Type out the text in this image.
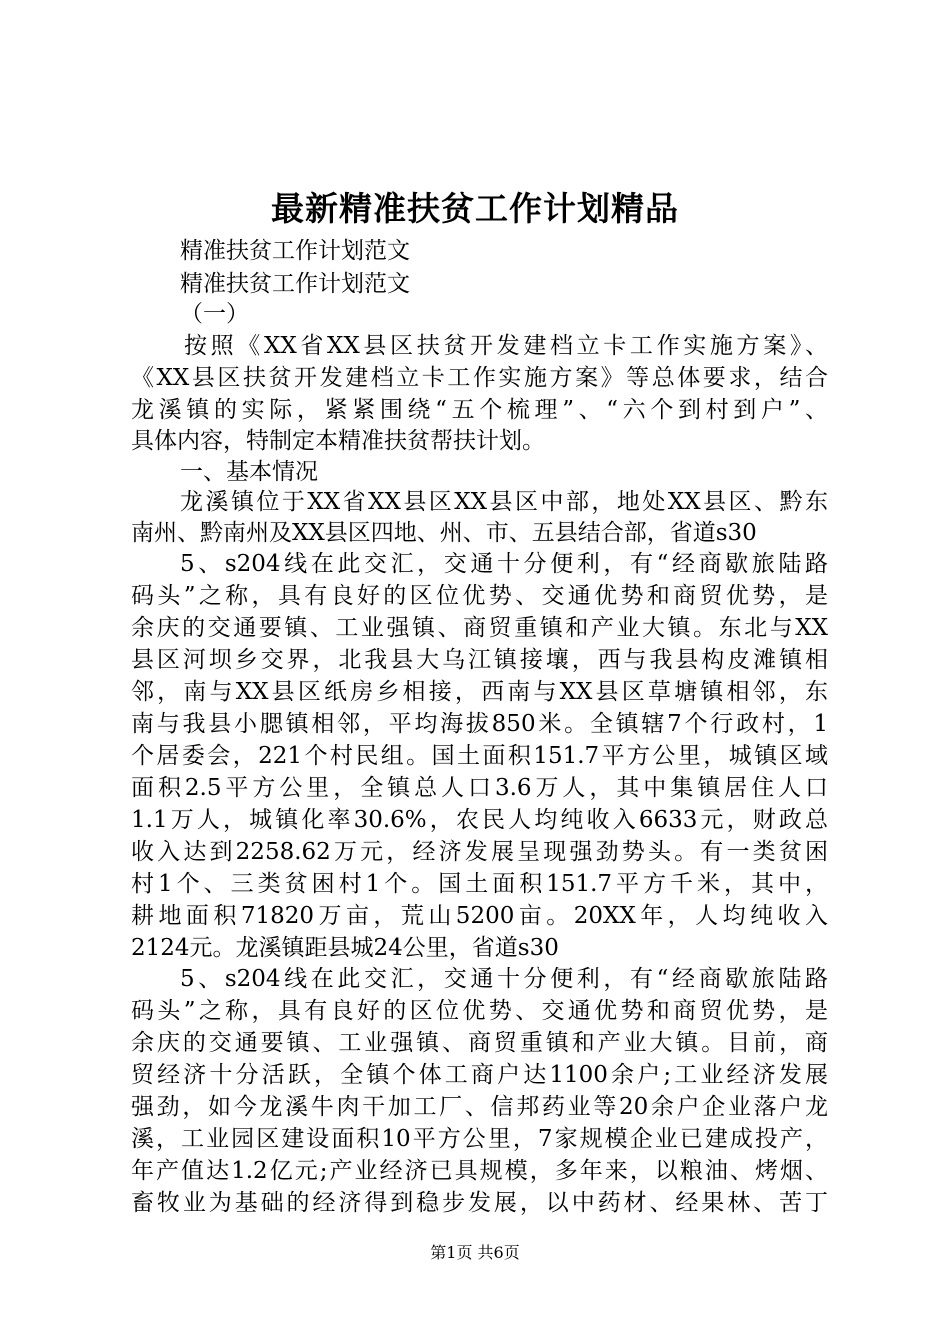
最新精准扶贫工作计划精品
精准扶贫工作计划范文
精准扶贫工作计划范文
（一）
按照《XX省XX县区扶贫开发建档立卡工作实施方案》、
《XX县区扶贫开发建档立卡工作实施方案》等总体要求，结合
龙溪镇的实际，紧紧围绕“五个梳理”、“六个到村到户”、
具体内容，特制定本精准扶贫帮扶计划。
一、基本情况
龙溪镇位于XX省XX县区XX县区中部，地处XX县区、黔东
南州、黔南州及XX县区四地、州、市、五县结合部，省道s30
5、s204线在此交汇，交通十分便利，有“经商歇旅陆路
码头”之称，具有良好的区位优势、交通优势和商贸优势，是
余庆的交通要镇、工业强镇、商贸重镇和产业大镇。东北与XX
县区河坝乡交界，北我县大乌江镇接壤，西与我县构皮滩镇相
邻，南与XX县区纸房乡相接，西南与XX县区草塘镇相邻，东
南与我县小腮镇相邻，平均海拔850米。全镇辖7个行政村，1
个居委会，221个村民组。国土面积151.7平方公里，城镇区域
面积2.5平方公里，全镇总人口3.6万人，其中集镇居住人口
1.1万人，城镇化率30.6%，农民人均纯收入6633元，财政总
收入达到2258.62万元，经济发展呈现强劲势头。有一类贫困
村1个、三类贫困村1个。国土面积151.7平方千米，其中，
耕地面积71820万亩，荒山5200亩。20XX年，人均纯收入
2124元。龙溪镇距县城24公里，省道s30
5、s204线在此交汇，交通十分便利，有“经商歇旅陆路
码头”之称，具有良好的区位优势、交通优势和商贸优势，是
余庆的交通要镇、工业强镇、商贸重镇和产业大镇。目前，商
贸经济十分活跃，全镇个体工商户达1100余户;工业经济发展
强劲，如今龙溪牛肉干加工厂、信邦药业等20余户企业落户龙
溪，工业园区建设面积10平方公里，7家规模企业已建成投产，
年产值达1.2亿元;产业经济已具规模，多年来，以粮油、烤烟、
畜牧业为基础的经济得到稳步发展，以中药材、经果林、苦丁
第1页 共6页
